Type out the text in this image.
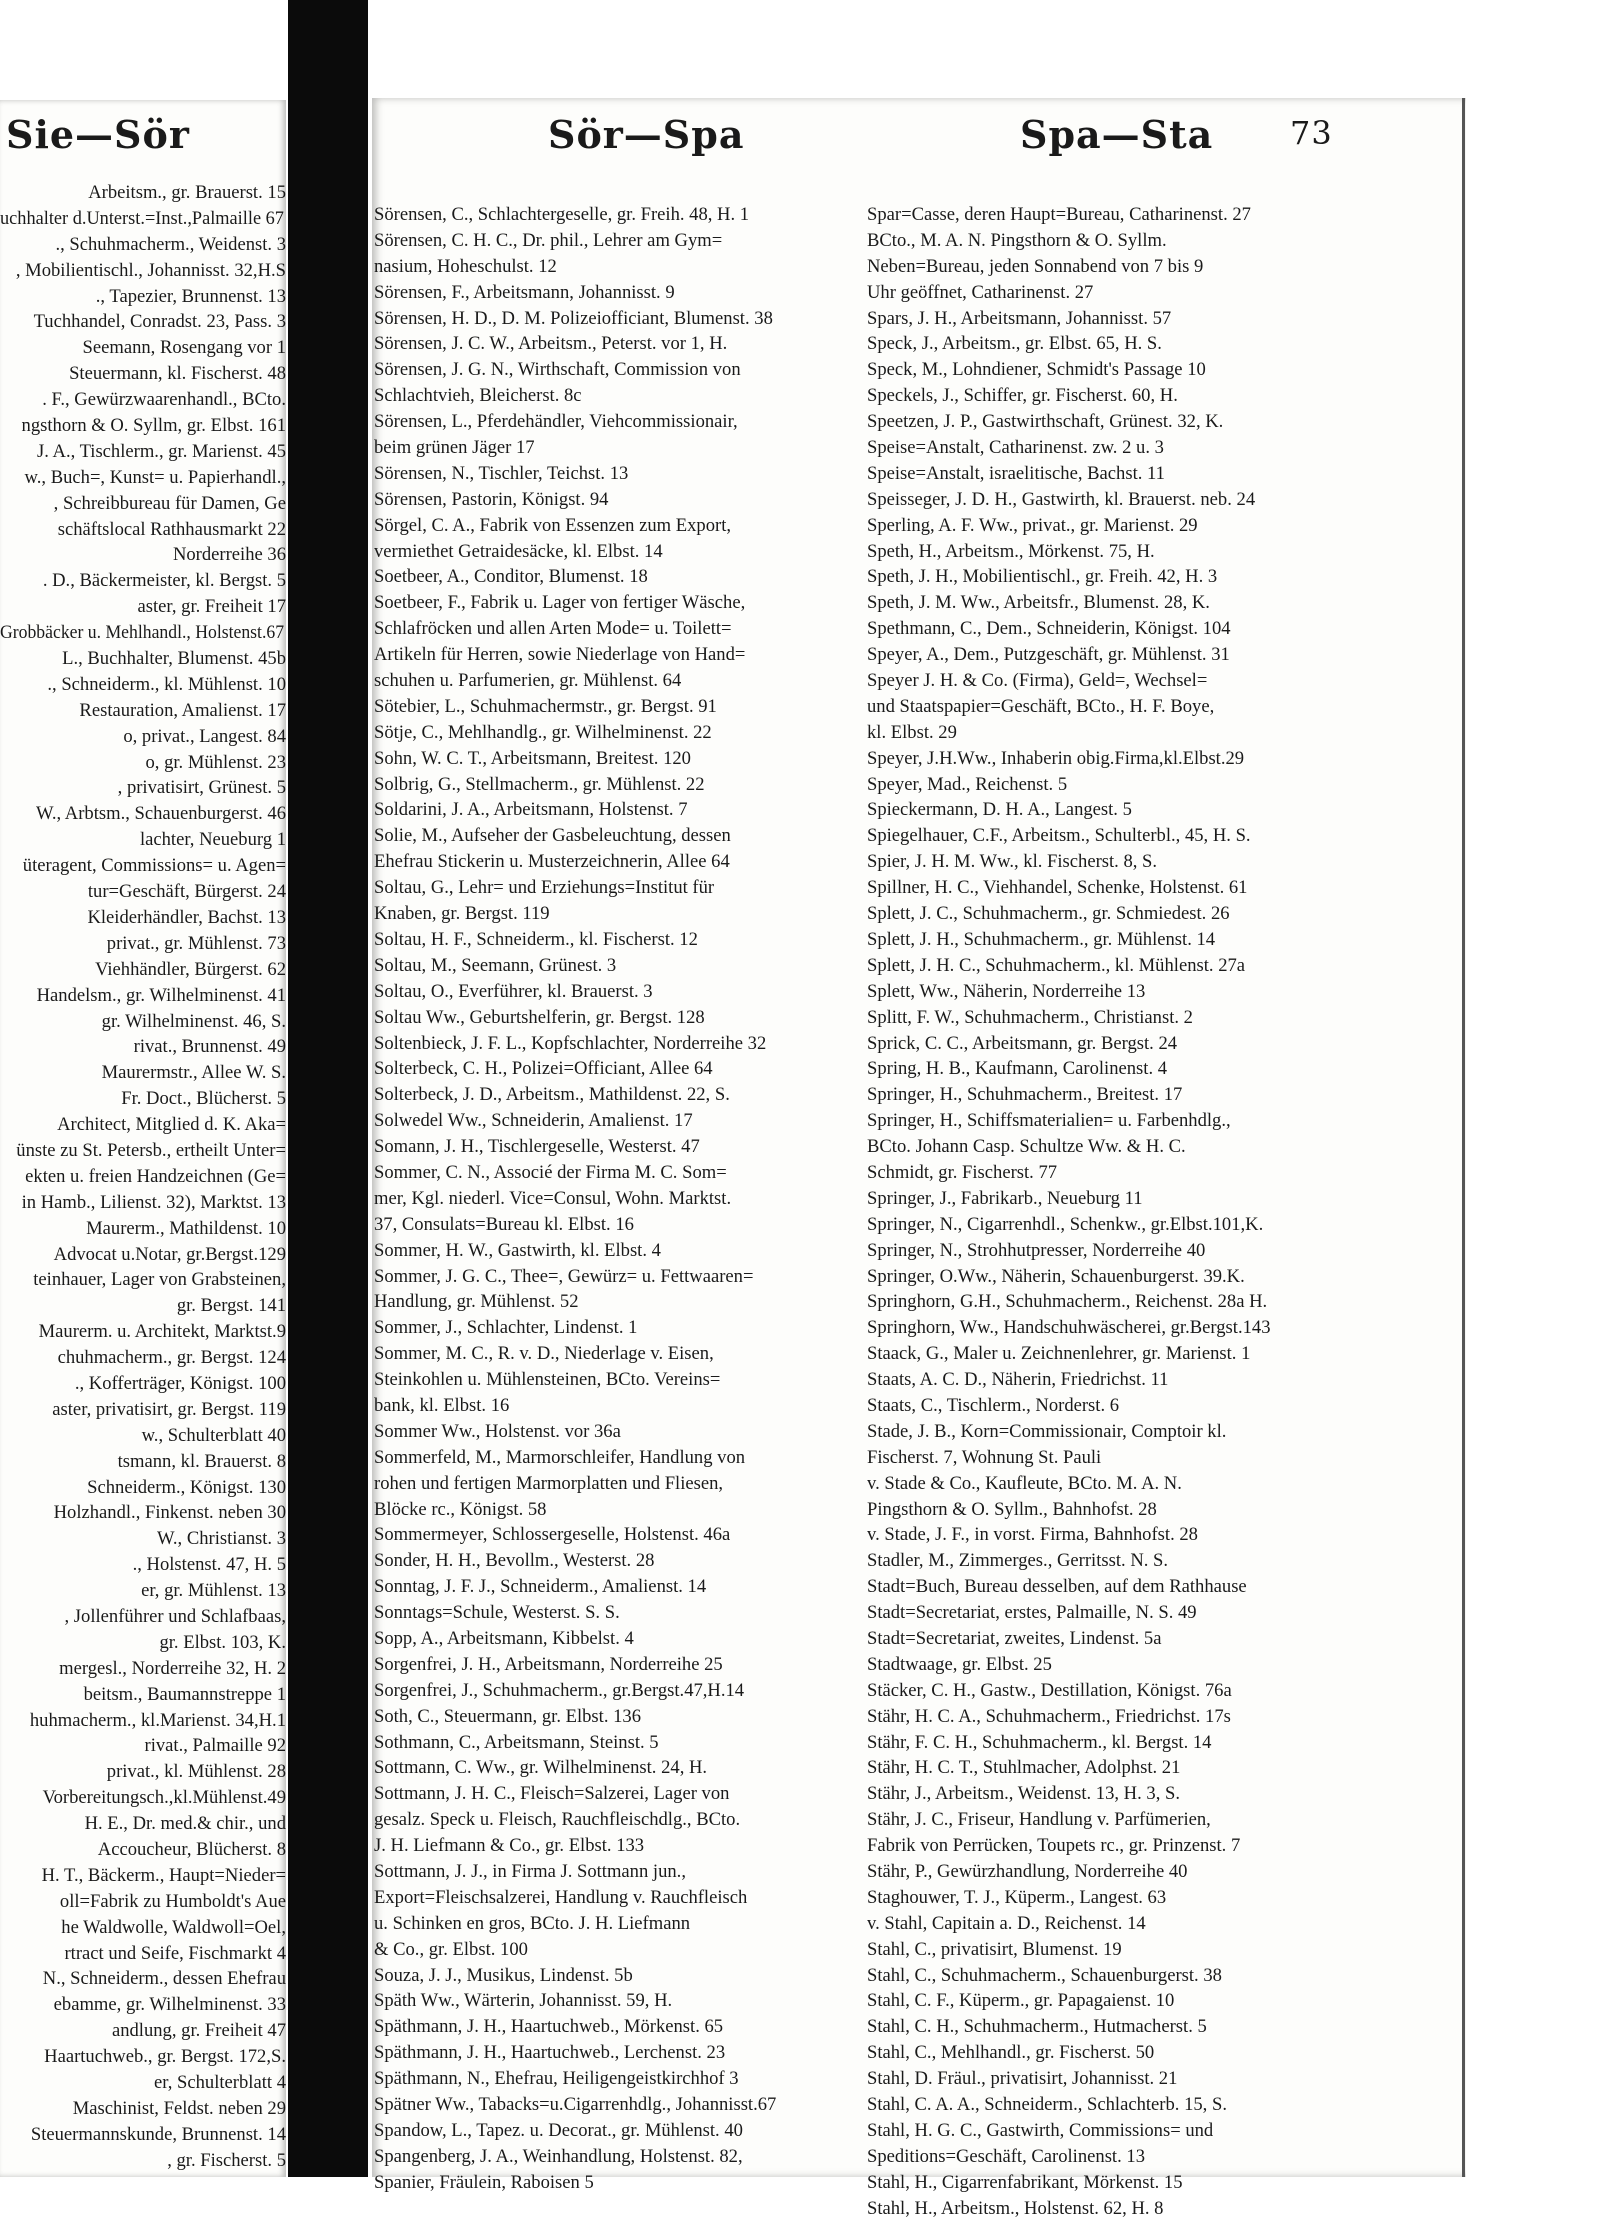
Sie—Sör
Arbeitsm., gr. Brauerst. 15
uchhalter d.Unterst.=Inst.,Palmaille 67
., Schuhmacherm., Weidenst. 3
, Mobilientischl., Johannisst. 32,H.S
., Tapezier, Brunnenst. 13
Tuchhandel, Conradst. 23, Pass. 3
Seemann, Rosengang vor 1
Steuermann, kl. Fischerst. 48
. F., Gewürzwaarenhandl., BCto.
ngsthorn & O. Syllm, gr. Elbst. 161
J. A., Tischlerm., gr. Marienst. 45
w., Buch=, Kunst= u. Papierhandl.,
, Schreibbureau für Damen, Ge
schäftslocal Rathhausmarkt 22
Norderreihe 36
. D., Bäckermeister, kl. Bergst. 5
aster, gr. Freiheit 17
Grobbäcker u. Mehlhandl., Holstenst.67
L., Buchhalter, Blumenst. 45b
., Schneiderm., kl. Mühlenst. 10
Restauration, Amalienst. 17
o, privat., Langest. 84
o, gr. Mühlenst. 23
, privatisirt, Grünest. 5
W., Arbtsm., Schauenburgerst. 46
lachter, Neueburg 1
üteragent, Commissions= u. Agen=
tur=Geschäft, Bürgerst. 24
Kleiderhändler, Bachst. 13
privat., gr. Mühlenst. 73
Viehhändler, Bürgerst. 62
Handelsm., gr. Wilhelminenst. 41
gr. Wilhelminenst. 46, S.
rivat., Brunnenst. 49
Maurermstr., Allee W. S.
Fr. Doct., Blücherst. 5
Architect, Mitglied d. K. Aka=
ünste zu St. Petersb., ertheilt Unter=
ekten u. freien Handzeichnen (Ge=
in Hamb., Lilienst. 32), Marktst. 13
Maurerm., Mathildenst. 10
Advocat u.Notar, gr.Bergst.129
teinhauer, Lager von Grabsteinen,
gr. Bergst. 141
Maurerm. u. Architekt, Marktst.9
chuhmacherm., gr. Bergst. 124
., Kofferträger, Königst. 100
aster, privatisirt, gr. Bergst. 119
w., Schulterblatt 40
tsmann, kl. Brauerst. 8
Schneiderm., Königst. 130
Holzhandl., Finkenst. neben 30
W., Christianst. 3
., Holstenst. 47, H. 5
er, gr. Mühlenst. 13
, Jollenführer und Schlafbaas,
gr. Elbst. 103, K.
mergesl., Norderreihe 32, H. 2
beitsm., Baumannstreppe 1
huhmacherm., kl.Marienst. 34,H.1
rivat., Palmaille 92
privat., kl. Mühlenst. 28
Vorbereitungsch.,kl.Mühlenst.49
H. E., Dr. med.& chir., und
Accoucheur, Blücherst. 8
H. T., Bäckerm., Haupt=Nieder=
oll=Fabrik zu Humboldt's Aue
he Waldwolle, Waldwoll=Oel,
rtract und Seife, Fischmarkt 4
N., Schneiderm., dessen Ehefrau
ebamme, gr. Wilhelminenst. 33
andlung, gr. Freiheit 47
Haartuchweb., gr. Bergst. 172,S.
er, Schulterblatt 4
Maschinist, Feldst. neben 29
Steuermannskunde, Brunnenst. 14
, gr. Fischerst. 5
Sör—Spa	Spa—Sta 73
Sörensen, C., Schlachtergeselle, gr. Freih. 48, H. 1
Sörensen, C. H. C., Dr. phil., Lehrer am Gym=
nasium, Hoheschulst. 12
Sörensen, F., Arbeitsmann, Johannisst. 9
Sörensen, H. D., D. M. Polizeiofficiant, Blumenst. 38
Sörensen, J. C. W., Arbeitsm., Peterst. vor 1, H.
Sörensen, J. G. N., Wirthschaft, Commission von
Schlachtvieh, Bleicherst. 8c
Sörensen, L., Pferdehändler, Viehcommissionair,
beim grünen Jäger 17
Sörensen, N., Tischler, Teichst. 13
Sörensen, Pastorin, Königst. 94
Sörgel, C. A., Fabrik von Essenzen zum Export,
vermiethet Getraidesäcke, kl. Elbst. 14
Soetbeer, A., Conditor, Blumenst. 18
Soetbeer, F., Fabrik u. Lager von fertiger Wäsche,
Schlafröcken und allen Arten Mode= u. Toilett=
Artikeln für Herren, sowie Niederlage von Hand=
schuhen u. Parfumerien, gr. Mühlenst. 64
Sötebier, L., Schuhmachermstr., gr. Bergst. 91
Sötje, C., Mehlhandlg., gr. Wilhelminenst. 22
Sohn, W. C. T., Arbeitsmann, Breitest. 120
Solbrig, G., Stellmacherm., gr. Mühlenst. 22
Soldarini, J. A., Arbeitsmann, Holstenst. 7
Solie, M., Aufseher der Gasbeleuchtung, dessen
Ehefrau Stickerin u. Musterzeichnerin, Allee 64
Soltau, G., Lehr= und Erziehungs=Institut für
Knaben, gr. Bergst. 119
Soltau, H. F., Schneiderm., kl. Fischerst. 12
Soltau, M., Seemann, Grünest. 3
Soltau, O., Everführer, kl. Brauerst. 3
Soltau Ww., Geburtshelferin, gr. Bergst. 128
Soltenbieck, J. F. L., Kopfschlachter, Norderreihe 32
Solterbeck, C. H., Polizei=Officiant, Allee 64
Solterbeck, J. D., Arbeitsm., Mathildenst. 22, S.
Solwedel Ww., Schneiderin, Amalienst. 17
Somann, J. H., Tischlergeselle, Westerst. 47
Sommer, C. N., Associé der Firma M. C. Som=
mer, Kgl. niederl. Vice=Consul, Wohn. Marktst.
37, Consulats=Bureau kl. Elbst. 16
Sommer, H. W., Gastwirth, kl. Elbst. 4
Sommer, J. G. C., Thee=, Gewürz= u. Fettwaaren=
Handlung, gr. Mühlenst. 52
Sommer, J., Schlachter, Lindenst. 1
Sommer, M. C., R. v. D., Niederlage v. Eisen,
Steinkohlen u. Mühlensteinen, BCto. Vereins=
bank, kl. Elbst. 16
Sommer Ww., Holstenst. vor 36a
Sommerfeld, M., Marmorschleifer, Handlung von
rohen und fertigen Marmorplatten und Fliesen,
Blöcke rc., Königst. 58
Sommermeyer, Schlossergeselle, Holstenst. 46a
Sonder, H. H., Bevollm., Westerst. 28
Sonntag, J. F. J., Schneiderm., Amalienst. 14
Sonntags=Schule, Westerst. S. S.
Sopp, A., Arbeitsmann, Kibbelst. 4
Sorgenfrei, J. H., Arbeitsmann, Norderreihe 25
Sorgenfrei, J., Schuhmacherm., gr.Bergst.47,H.14
Soth, C., Steuermann, gr. Elbst. 136
Sothmann, C., Arbeitsmann, Steinst. 5
Sottmann, C. Ww., gr. Wilhelminenst. 24, H.
Sottmann, J. H. C., Fleisch=Salzerei, Lager von
gesalz. Speck u. Fleisch, Rauchfleischdlg., BCto.
J. H. Liefmann & Co., gr. Elbst. 133
Sottmann, J. J., in Firma J. Sottmann jun.,
Export=Fleischsalzerei, Handlung v. Rauchfleisch
u. Schinken en gros, BCto. J. H. Liefmann
& Co., gr. Elbst. 100
Souza, J. J., Musikus, Lindenst. 5b
Späth Ww., Wärterin, Johannisst. 59, H.
Späthmann, J. H., Haartuchweb., Mörkenst. 65
Späthmann, J. H., Haartuchweb., Lerchenst. 23
Späthmann, N., Ehefrau, Heiligengeistkirchhof 3
Spätner Ww., Tabacks=u.Cigarrenhdlg., Johannisst.67
Spandow, L., Tapez. u. Decorat., gr. Mühlenst. 40
Spangenberg, J. A., Weinhandlung, Holstenst. 82,
Spanier, Fräulein, Raboisen 5
Spar=Casse, deren Haupt=Bureau, Catharinenst. 27
BCto., M. A. N. Pingsthorn & O. Syllm.
Neben=Bureau, jeden Sonnabend von 7 bis 9
Uhr geöffnet, Catharinenst. 27
Spars, J. H., Arbeitsmann, Johannisst. 57
Speck, J., Arbeitsm., gr. Elbst. 65, H. S.
Speck, M., Lohndiener, Schmidt's Passage 10
Speckels, J., Schiffer, gr. Fischerst. 60, H.
Speetzen, J. P., Gastwirthschaft, Grünest. 32, K.
Speise=Anstalt, Catharinenst. zw. 2 u. 3
Speise=Anstalt, israelitische, Bachst. 11
Speisseger, J. D. H., Gastwirth, kl. Brauerst. neb. 24
Sperling, A. F. Ww., privat., gr. Marienst. 29
Speth, H., Arbeitsm., Mörkenst. 75, H.
Speth, J. H., Mobilientischl., gr. Freih. 42, H. 3
Speth, J. M. Ww., Arbeitsfr., Blumenst. 28, K.
Spethmann, C., Dem., Schneiderin, Königst. 104
Speyer, A., Dem., Putzgeschäft, gr. Mühlenst. 31
Speyer J. H. & Co. (Firma), Geld=, Wechsel=
und Staatspapier=Geschäft, BCto., H. F. Boye,
kl. Elbst. 29
Speyer, J.H.Ww., Inhaberin obig.Firma,kl.Elbst.29
Speyer, Mad., Reichenst. 5
Spieckermann, D. H. A., Langest. 5
Spiegelhauer, C.F., Arbeitsm., Schulterbl., 45, H. S.
Spier, J. H. M. Ww., kl. Fischerst. 8, S.
Spillner, H. C., Viehhandel, Schenke, Holstenst. 61
Splett, J. C., Schuhmacherm., gr. Schmiedest. 26
Splett, J. H., Schuhmacherm., gr. Mühlenst. 14
Splett, J. H. C., Schuhmacherm., kl. Mühlenst. 27a
Splett, Ww., Näherin, Norderreihe 13
Splitt, F. W., Schuhmacherm., Christianst. 2
Sprick, C. C., Arbeitsmann, gr. Bergst. 24
Spring, H. B., Kaufmann, Carolinenst. 4
Springer, H., Schuhmacherm., Breitest. 17
Springer, H., Schiffsmaterialien= u. Farbenhdlg.,
BCto. Johann Casp. Schultze Ww. & H. C.
Schmidt, gr. Fischerst. 77
Springer, J., Fabrikarb., Neueburg 11
Springer, N., Cigarrenhdl., Schenkw., gr.Elbst.101,K.
Springer, N., Strohhutpresser, Norderreihe 40
Springer, O.Ww., Näherin, Schauenburgerst. 39.K.
Springhorn, G.H., Schuhmacherm., Reichenst. 28a H.
Springhorn, Ww., Handschuhwäscherei, gr.Bergst.143
Staack, G., Maler u. Zeichnenlehrer, gr. Marienst. 1
Staats, A. C. D., Näherin, Friedrichst. 11
Staats, C., Tischlerm., Norderst. 6
Stade, J. B., Korn=Commissionair, Comptoir kl.
Fischerst. 7, Wohnung St. Pauli
v. Stade & Co., Kaufleute, BCto. M. A. N.
Pingsthorn & O. Syllm., Bahnhofst. 28
v. Stade, J. F., in vorst. Firma, Bahnhofst. 28
Stadler, M., Zimmerges., Gerritsst. N. S.
Stadt=Buch, Bureau desselben, auf dem Rathhause
Stadt=Secretariat, erstes, Palmaille, N. S. 49
Stadt=Secretariat, zweites, Lindenst. 5a
Stadtwaage, gr. Elbst. 25
Stäcker, C. H., Gastw., Destillation, Königst. 76a
Stähr, H. C. A., Schuhmacherm., Friedrichst. 17s
Stähr, F. C. H., Schuhmacherm., kl. Bergst. 14
Stähr, H. C. T., Stuhlmacher, Adolphst. 21
Stähr, J., Arbeitsm., Weidenst. 13, H. 3, S.
Stähr, J. C., Friseur, Handlung v. Parfümerien,
Fabrik von Perrücken, Toupets rc., gr. Prinzenst. 7
Stähr, P., Gewürzhandlung, Norderreihe 40
Staghouwer, T. J., Küperm., Langest. 63
v. Stahl, Capitain a. D., Reichenst. 14
Stahl, C., privatisirt, Blumenst. 19
Stahl, C., Schuhmacherm., Schauenburgerst. 38
Stahl, C. F., Küperm., gr. Papagaienst. 10
Stahl, C. H., Schuhmacherm., Hutmacherst. 5
Stahl, C., Mehlhandl., gr. Fischerst. 50
Stahl, D. Fräul., privatisirt, Johannisst. 21
Stahl, C. A. A., Schneiderm., Schlachterb. 15, S.
Stahl, H. G. C., Gastwirth, Commissions= und
Speditions=Geschäft, Carolinenst. 13
Stahl, H., Cigarrenfabrikant, Mörkenst. 15
Stahl, H., Arbeitsm., Holstenst. 62, H. 8
